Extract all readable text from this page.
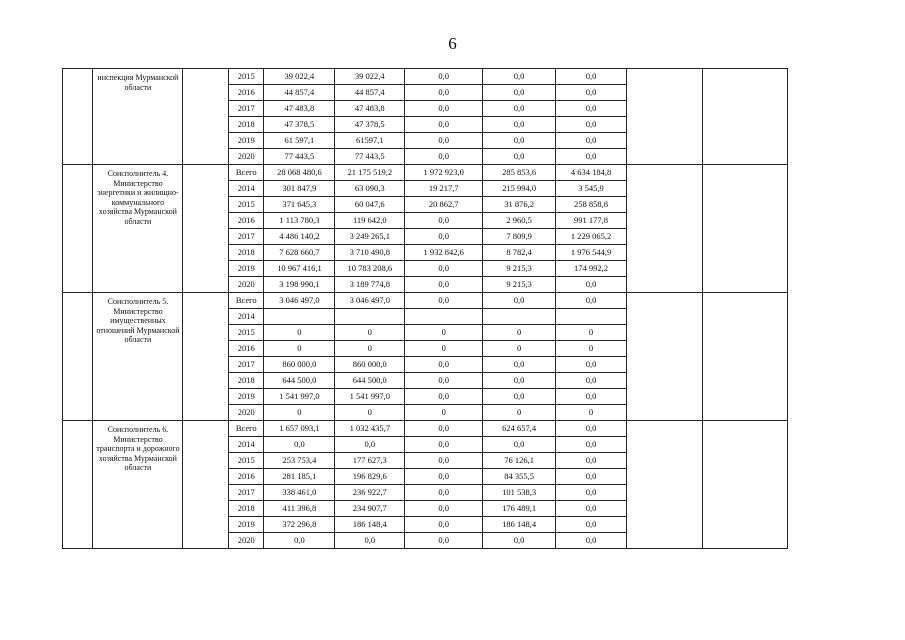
6
	инспекция Мурманской области		2015	39 022,4	39 022,4	0,0	0,0	0,0		
			2016	44 857,4	44 857,4	0,0	0,0	0,0		
			2017	47 483,8	47 483,8	0,0	0,0	0,0		
			2018	47 378,5	47 378,5	0,0	0,0	0,0		
			2019	61 597,1	61597,1	0,0	0,0	0,0		
			2020	77 443,5	77 443,5	0,0	0,0	0,0		
	Соисполнитель 4. Министерство энергетики и жилищно-коммунального хозяйства Мурманской области		Всего	28 068 480,6	21 175 519,2	1 972 923,0	285 853,6	4 634 184,8		
			2014	301 847,9	63 090,3	19 217,7	215 994,0	3 545,9		
			2015	371 645,3	60 047,6	20 862,7	31 876,2	258 858,8		
			2016	1 113 780,3	119 642,0	0,0	2 960,5	991 177,8		
			2017	4 486 140,2	3 249 265,1	0,0	7 809,9	1 229 065,2		
			2018	7 628 660,7	3 710 490,8	1 932 842,6	8 782,4	1 976 544,9		
			2019	10 967 416,1	10 783 208,6	0,0	9 215,3	174 992,2		
			2020	3 198 990,1	3 189 774,8	0,0	9 215,3	0,0		
	Соисполнитель 5. Министерство имущественных отношений Мурманской области		Всего	3 046 497,0	3 046 497,0	0,0	0,0	0,0		
			2014							
			2015	0	0	0	0	0		
			2016	0	0	0	0	0		
			2017	860 000,0	860 000,0	0,0	0,0	0,0		
			2018	644 500,0	644 500,0	0,0	0,0	0,0		
			2019	1 541 997,0	1 541 997,0	0,0	0,0	0,0		
			2020	0	0	0	0	0		
	Соисполнитель 6. Министерство транспорта и дорожного хозяйства Мурманской области		Всего	1 657 093,1	1 032 435,7	0,0	624 657,4	0,0		
			2014	0,0	0,0	0,0	0,0	0,0		
			2015	253 753,4	177 627,3	0,0	76 126,1	0,0		
			2016	281 185,1	196 829,6	0,0	84 355,5	0,0		
			2017	338 461,0	236 922,7	0,0	101 538,3	0,0		
			2018	411 396,8	234 907,7	0,0	176 489,1	0,0		
			2019	372 296,8	186 148,4	0,0	186 148,4	0,0		
			2020	0,0	0,0	0,0	0,0	0,0		
